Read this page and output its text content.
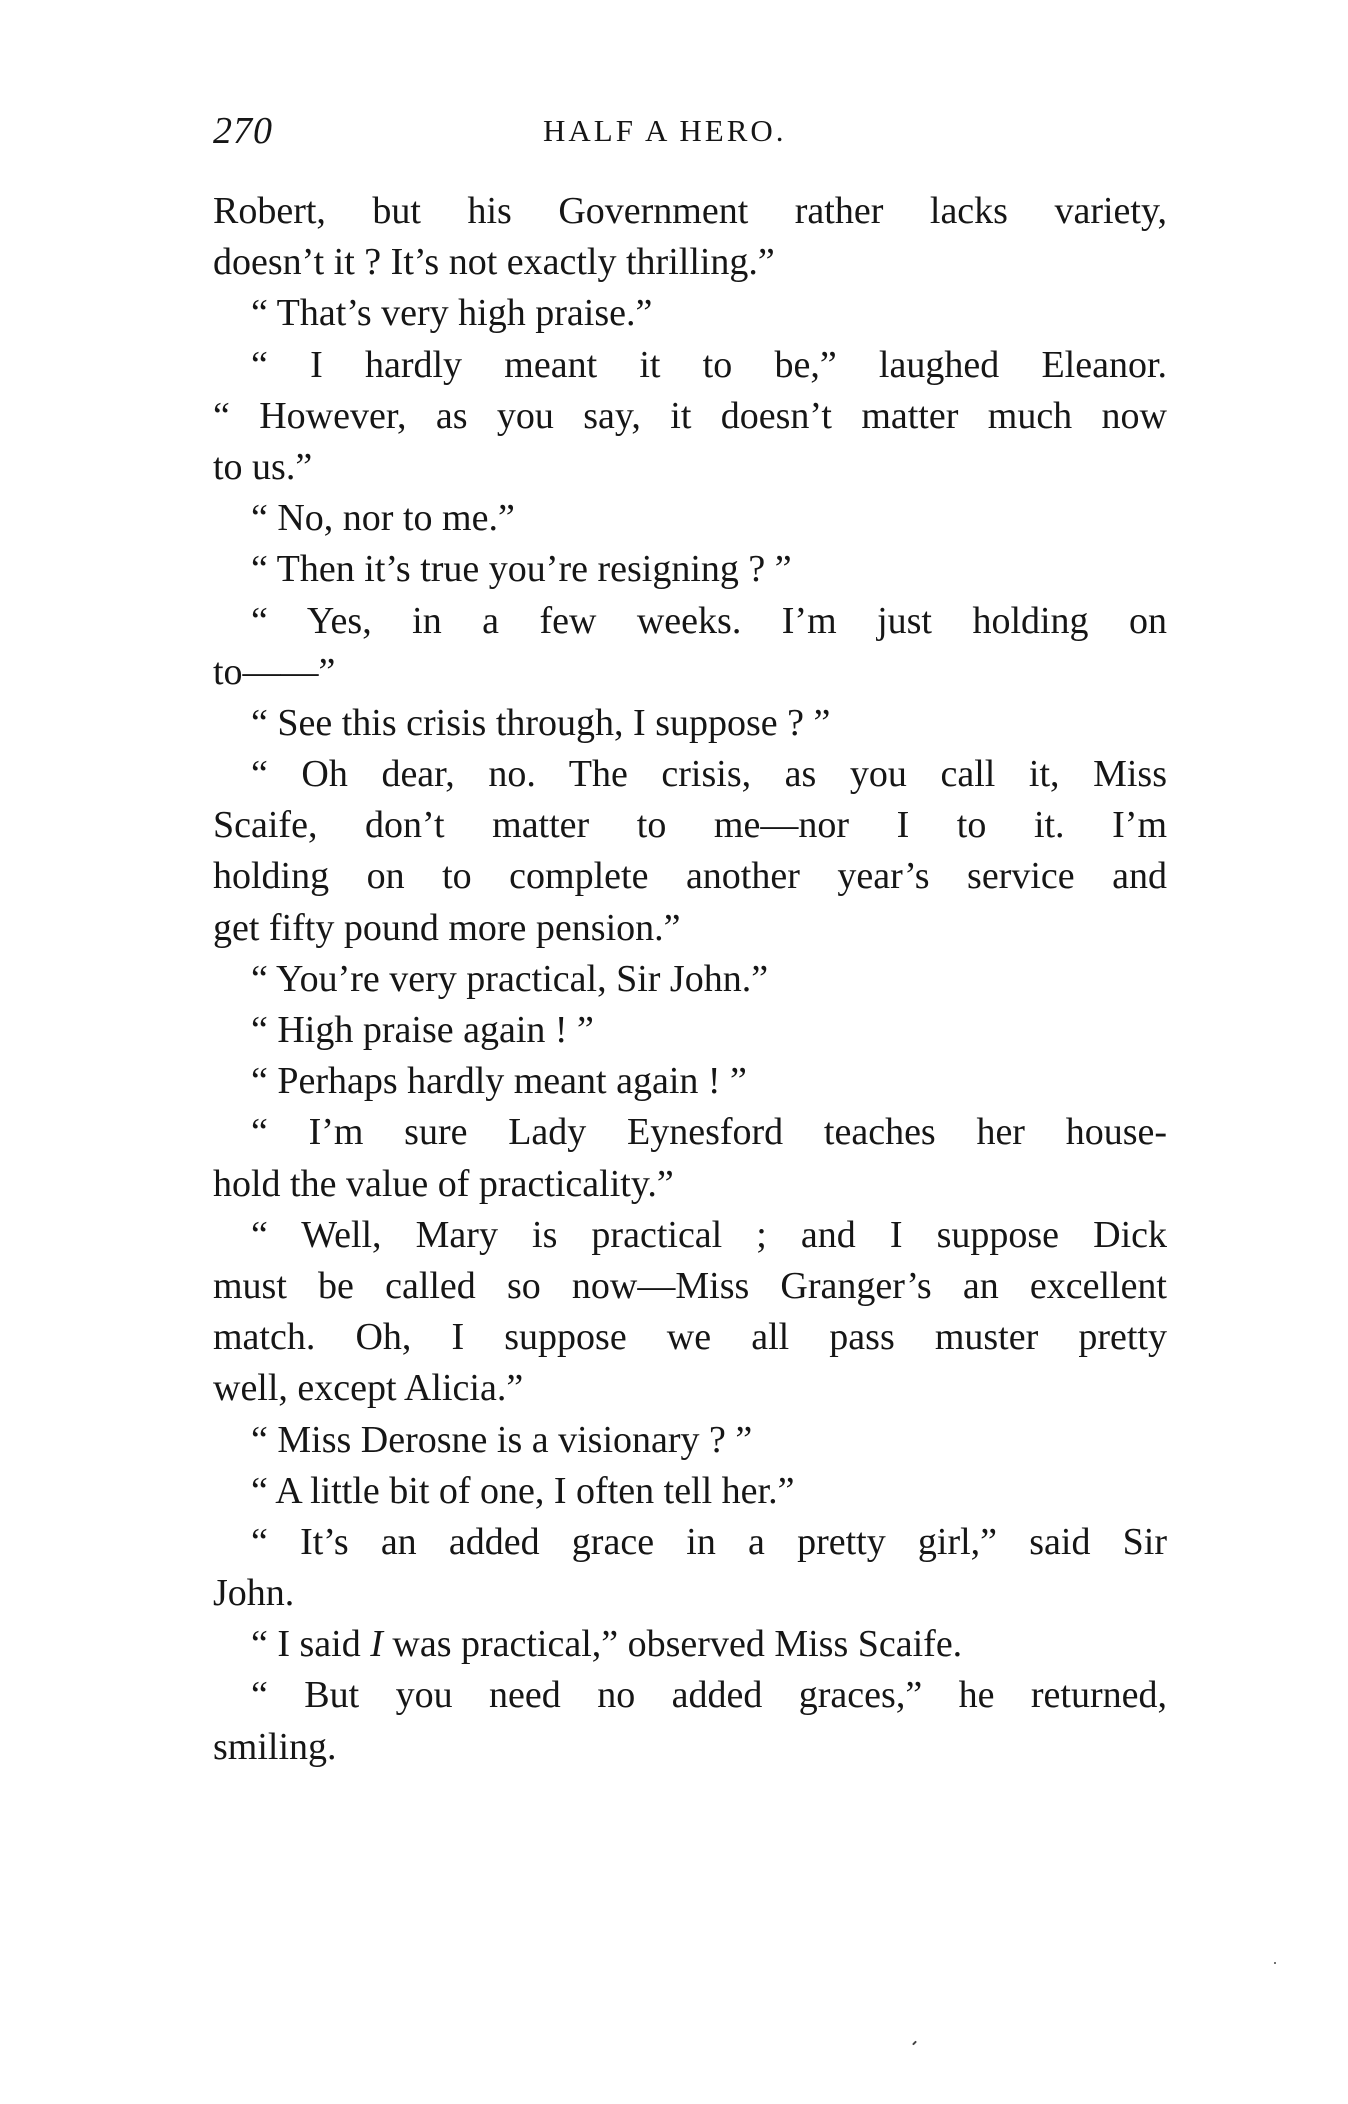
270	HALF A HERO.
Robert, but his Government rather lacks variety,
doesn’t it ? It’s not exactly thrilling.”
“ That’s very high praise.”
“ I hardly meant it to be,” laughed Eleanor.
“ However, as you say, it doesn’t matter much now
to us.”
“ No, nor to me.”
“ Then it’s true you’re resigning ? ”
“ Yes, in a few weeks. I’m just holding on
to——”
“ See this crisis through, I suppose ? ”
“ Oh dear, no. The crisis, as you call it, Miss
Scaife, don’t matter to me—nor I to it. I’m
holding on to complete another year’s service and
get fifty pound more pension.”
“ You’re very practical, Sir John.”
“ High praise again ! ”
“ Perhaps hardly meant again ! ”
“ I’m sure Lady Eynesford teaches her house-
hold the value of practicality.”
“ Well, Mary is practical ; and I suppose Dick
must be called so now—Miss Granger’s an excellent
match. Oh, I suppose we all pass muster pretty
well, except Alicia.”
“ Miss Derosne is a visionary ? ”
“ A little bit of one, I often tell her.”
“ It’s an added grace in a pretty girl,” said Sir
John.
“ I said I was practical,” observed Miss Scaife.
“ But you need no added graces,” he returned,
smiling.
